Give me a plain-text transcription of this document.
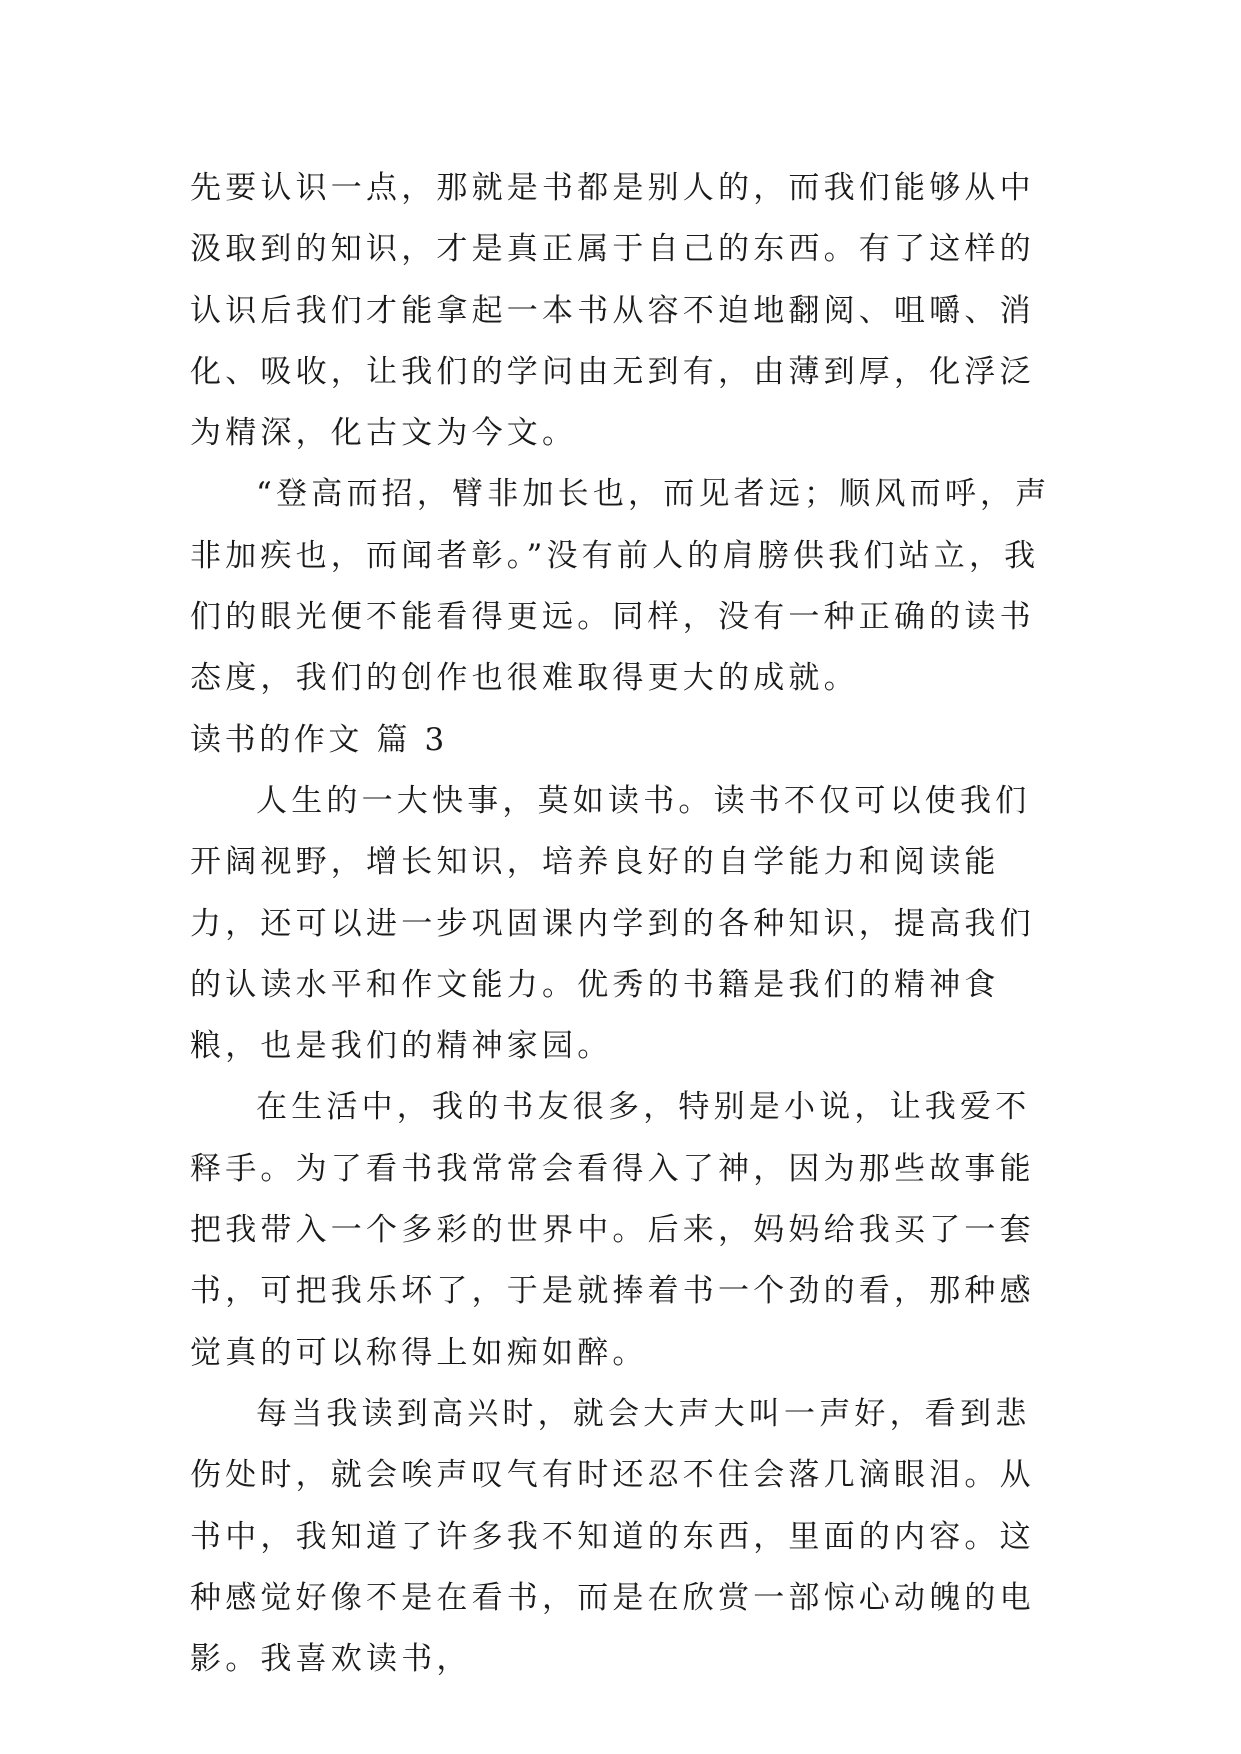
先要认识一点，那就是书都是别人的，而我们能够从中汲取到的知识，才是真正属于自己的东西。有了这样的认识后我们才能拿起一本书从容不迫地翻阅、咀嚼、消化、吸收，让我们的学问由无到有，由薄到厚，化浮泛为精深，化古文为今文。

“登高而招，臂非加长也，而见者远；顺风而呼，声非加疾也，而闻者彰。”没有前人的肩膀供我们站立，我们的眼光便不能看得更远。同样，没有一种正确的读书态度，我们的创作也很难取得更大的成就。

读书的作文 篇 3

人生的一大快事，莫如读书。读书不仅可以使我们开阔视野，增长知识，培养良好的自学能力和阅读能力，还可以进一步巩固课内学到的各种知识，提高我们的认读水平和作文能力。优秀的书籍是我们的精神食粮，也是我们的精神家园。

在生活中，我的书友很多，特别是小说，让我爱不释手。为了看书我常常会看得入了神，因为那些故事能把我带入一个多彩的世界中。后来，妈妈给我买了一套书，可把我乐坏了，于是就捧着书一个劲的看，那种感觉真的可以称得上如痴如醉。

每当我读到高兴时，就会大声大叫一声好，看到悲伤处时，就会唉声叹气有时还忍不住会落几滴眼泪。从书中，我知道了许多我不知道的东西，里面的内容。这种感觉好像不是在看书，而是在欣赏一部惊心动魄的电影。我喜欢读书，
